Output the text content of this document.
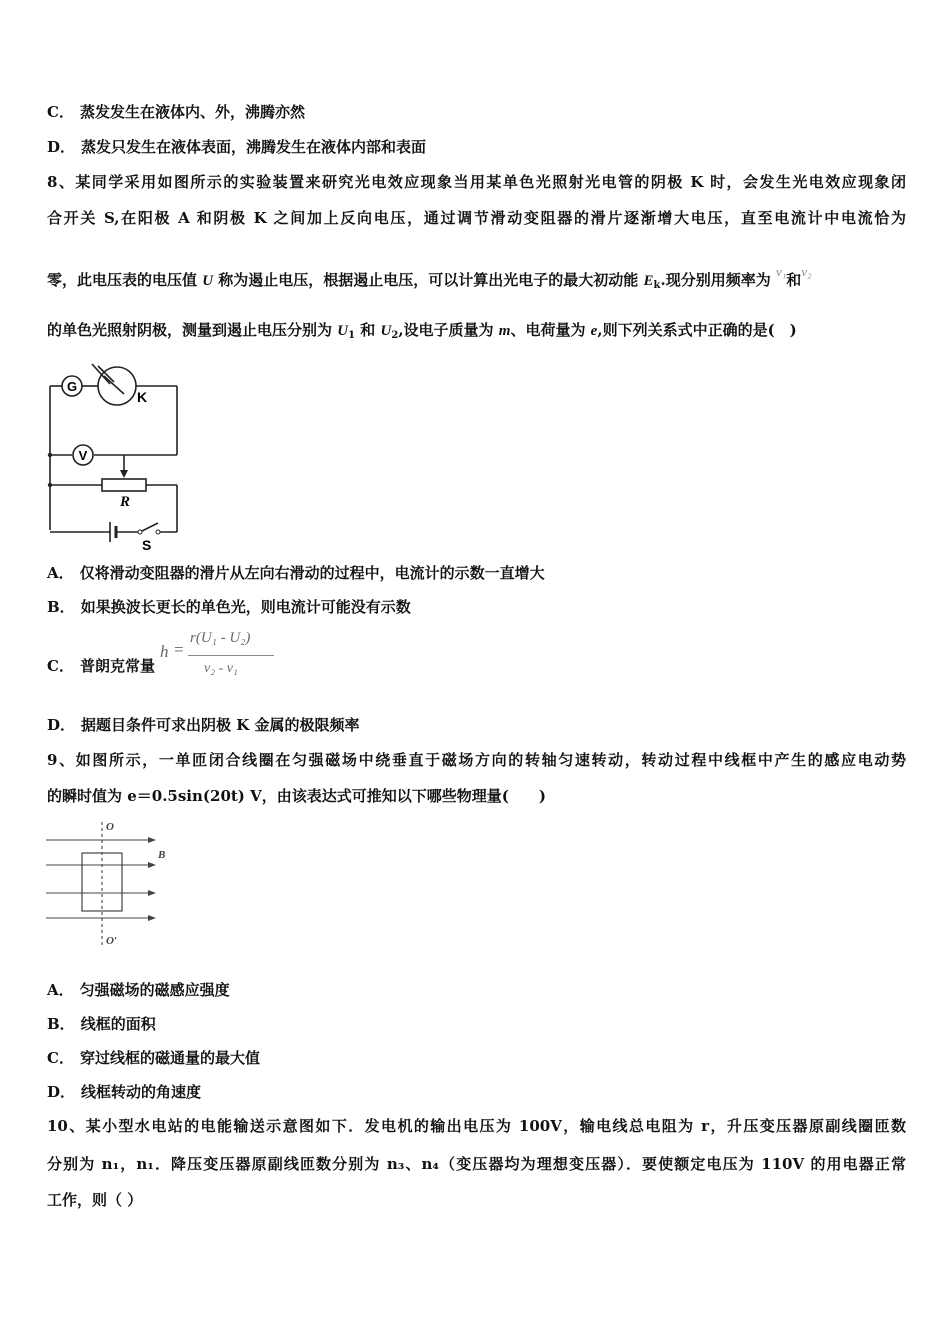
C． 蒸发发生在液体内、外，沸腾亦然
D． 蒸发只发生在液体表面，沸腾发生在液体内部和表面
8、某同学采用如图所示的实验装置来研究光电效应现象当用某单色光照射光电管的阴极 K 时，会发生光电效应现象闭
合开关 S,在阳极 A 和阴极 K 之间加上反向电压，通过调节滑动变阻器的滑片逐渐增大电压，直至电流计中电流恰为
零，此电压表的电压值 U 称为遏止电压，根据遏止电压，可以计算出光电子的最大初动能 $E_k$.现分别用频率为 ν₁和ν₂
的单色光照射阴极，测量到遏止电压分别为 $U_1$ 和 $U_2$,设电子质量为 m、电荷量为 e,则下列关系式中正确的是(　)
G
V
K
R
S
A． 仅将滑动变阻器的滑片从左向右滑动的过程中，电流计的示数一直增大
B． 如果换波长更长的单色光，则电流计可能没有示数
C． 普朗克常量
h =
r(U₁ - U₂)
ν₂ - ν₁
D． 据题目条件可求出阴极 K 金属的极限频率
9、如图所示，一单匝闭合线圈在匀强磁场中绕垂直于磁场方向的转轴匀速转动，转动过程中线框中产生的感应电动势
的瞬时值为 e＝0.5sin(20t) V，由该表达式可推知以下哪些物理量(　　)
O
O′
B
A． 匀强磁场的磁感应强度
B． 线框的面积
C． 穿过线框的磁通量的最大值
D． 线框转动的角速度
10、某小型水电站的电能输送示意图如下．发电机的输出电压为 100V，输电线总电阻为 r，升压变压器原副线圈匝数
分别为 n₁，n₁．降压变压器原副线匝数分别为 n₃、n₄（变压器均为理想变压器）．要使额定电压为 110V 的用电器正常
工作，则（ ）
